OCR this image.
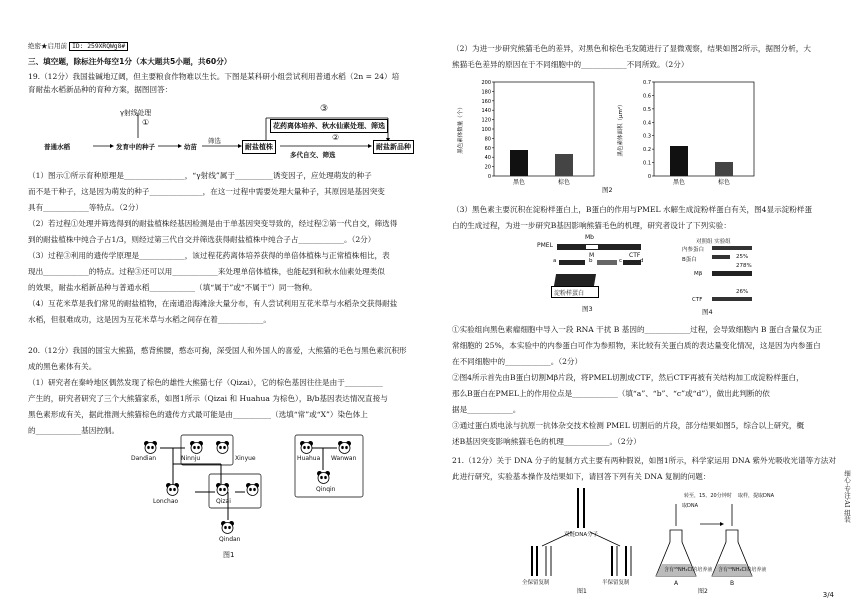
绝密★启用前 ID: 259XRQWg8#
三、填空题，除标注外每空1分（本大题共5小题，共60分）
19.（12分）我国盐碱地辽阔，但主要粮食作物难以生长。下图是某科研小组尝试利用普通水稻（2n = 24）培
育耐盐水稻新品种的育种方案，据图回答：
γ射线处理
①
③
②
普通水稻	发育中的种子	幼苗
筛选
耐盐植株
花药离体培养、秋水仙素处理、筛选
多代自交、筛选
耐盐新品种
（1）图示①所示育种原理是________________，“γ射线”属于__________诱变因子，应处理萌发的种子
而不是干种子，这是因为萌发的种子______________，在这一过程中需要处理大量种子，其原因是基因突变
具有____________等特点。（2分）
（2）若过程①处理并筛选得到的耐盐植株经基因检测是由于单基因突变导致的，经过程②第一代自交，筛选得
到的耐盐植株中纯合子占1/3，则经过第三代自交并筛选获得耐盐植株中纯合子占____________。（2分）
（3）过程③利用的遗传学原理是____________，该过程花药离体培养获得的单倍体植株与正常植株相比，表
现出____________的特点。过程③还可以用____________来处理单倍体植株，也能起到和秋水仙素处理类似
的效果，耐盐水稻新品种与普通水稻____________（填“属于”或“不属于”）同一物种。
（4）互花米草是我们常见的耐盐植物，在南通沿海滩涂大量分布，有人尝试利用互花米草与水稻杂交获得耐盐
水稻，但很难成功，这是因为互花米草与水稻之间存在着____________。
20.（12分）我国的国宝大熊猫，憨背熊腰，憨态可掬，深受国人和外国人的喜爱，大熊猫的毛色与黑色素沉积形
成的黑色素体有关。
（1）研究者在秦岭地区偶然发现了棕色的雄性大熊猫七仔（Qizai），它的棕色基因往往是由于__________
产生的，研究者研究了三个大熊猫家系，如图1所示（Qizai 和 Huahua 为棕色），B/b基因表达情况直接与
黑色素形成有关，据此推测大熊猫棕色的遗传方式最可能是由__________（选填“常”或“X”）染色体上
的____________基因控制。
Dandian	Ninnju	Xinyue
Lonchao	Qizai
Qindan
Huahua Wanwan
Qinqin
图1
（2）为进一步研究熊猫毛色的差异，对黑色和棕色毛发随进行了显微观察，结果如图2所示，据图分析，大
熊猫毛色差异的原因在于不同细胞中的____________不同所致。（2分）
0
20
40
60
80
100
120
140
160
180
200
黑色	棕色
黑色素体数量（个）
0
0.1
0.2
0.3
0.4
0.5
0.6
0.7
黑色	棕色
黑色素体面积（μm²）
图2
（3）黑色素主要沉积在淀粉样蛋白上，B蛋白的作用与PMEL 水解生成淀粉样蛋白有关，图4显示淀粉样蛋
白的生成过程，为进一步研究B基因影响熊猫毛色的机理，研究者设计了下列实验：
PMEL
Mb
M	CTF
a	b	c	d
淀粉样蛋白
图3
对照组 实验组
内参蛋白
B蛋白	25%
278%
Mβ
26%
CTF
图4
①实验组向黑色素瘤细胞中导入一段 RNA 干扰 B 基因的____________过程，会导致细胞内 B 蛋白含量仅为正
常细胞的 25%，本实验中的内参蛋白可作为参照物，来比较有关蛋白质的表达量变化情况，这是因为内参蛋白
在不同细胞中的____________。（2分）
②图4所示首先由B蛋白切割Mβ片段，将PMEL切割成CTF，然后CTF再被有关结构加工成淀粉样蛋白，
那么B蛋白在PMEL上的作用位点是____________（填“a”、“b”、“c”或“d”），做出此判断的依
据是____________。
③通过蛋白质电泳与抗原一抗体杂交技术检测 PMEL 切割后的片段，部分结果如图5，综合以上研究，概
述B基因突变影响熊猫毛色的机理____________。（2分）
21.（12分）关于 DNA 分子的复制方式主要有两种假说，如图1所示，科学家运用 DNA 紫外光吸收光谱等方法对
此进行研究，实验基本操作及结果如下，请回答下列有关 DNA 复制的问题：
双链DNA分子
全保留复制	半保留复制
图1
转至，15、20分钟时
取DNA
取样，提取DNA
含有¹⁵NH₄Cl的培养液 含有¹⁴NH₄Cl的培养液
A	B
图2
细心·专注·AI 组装
3/4
